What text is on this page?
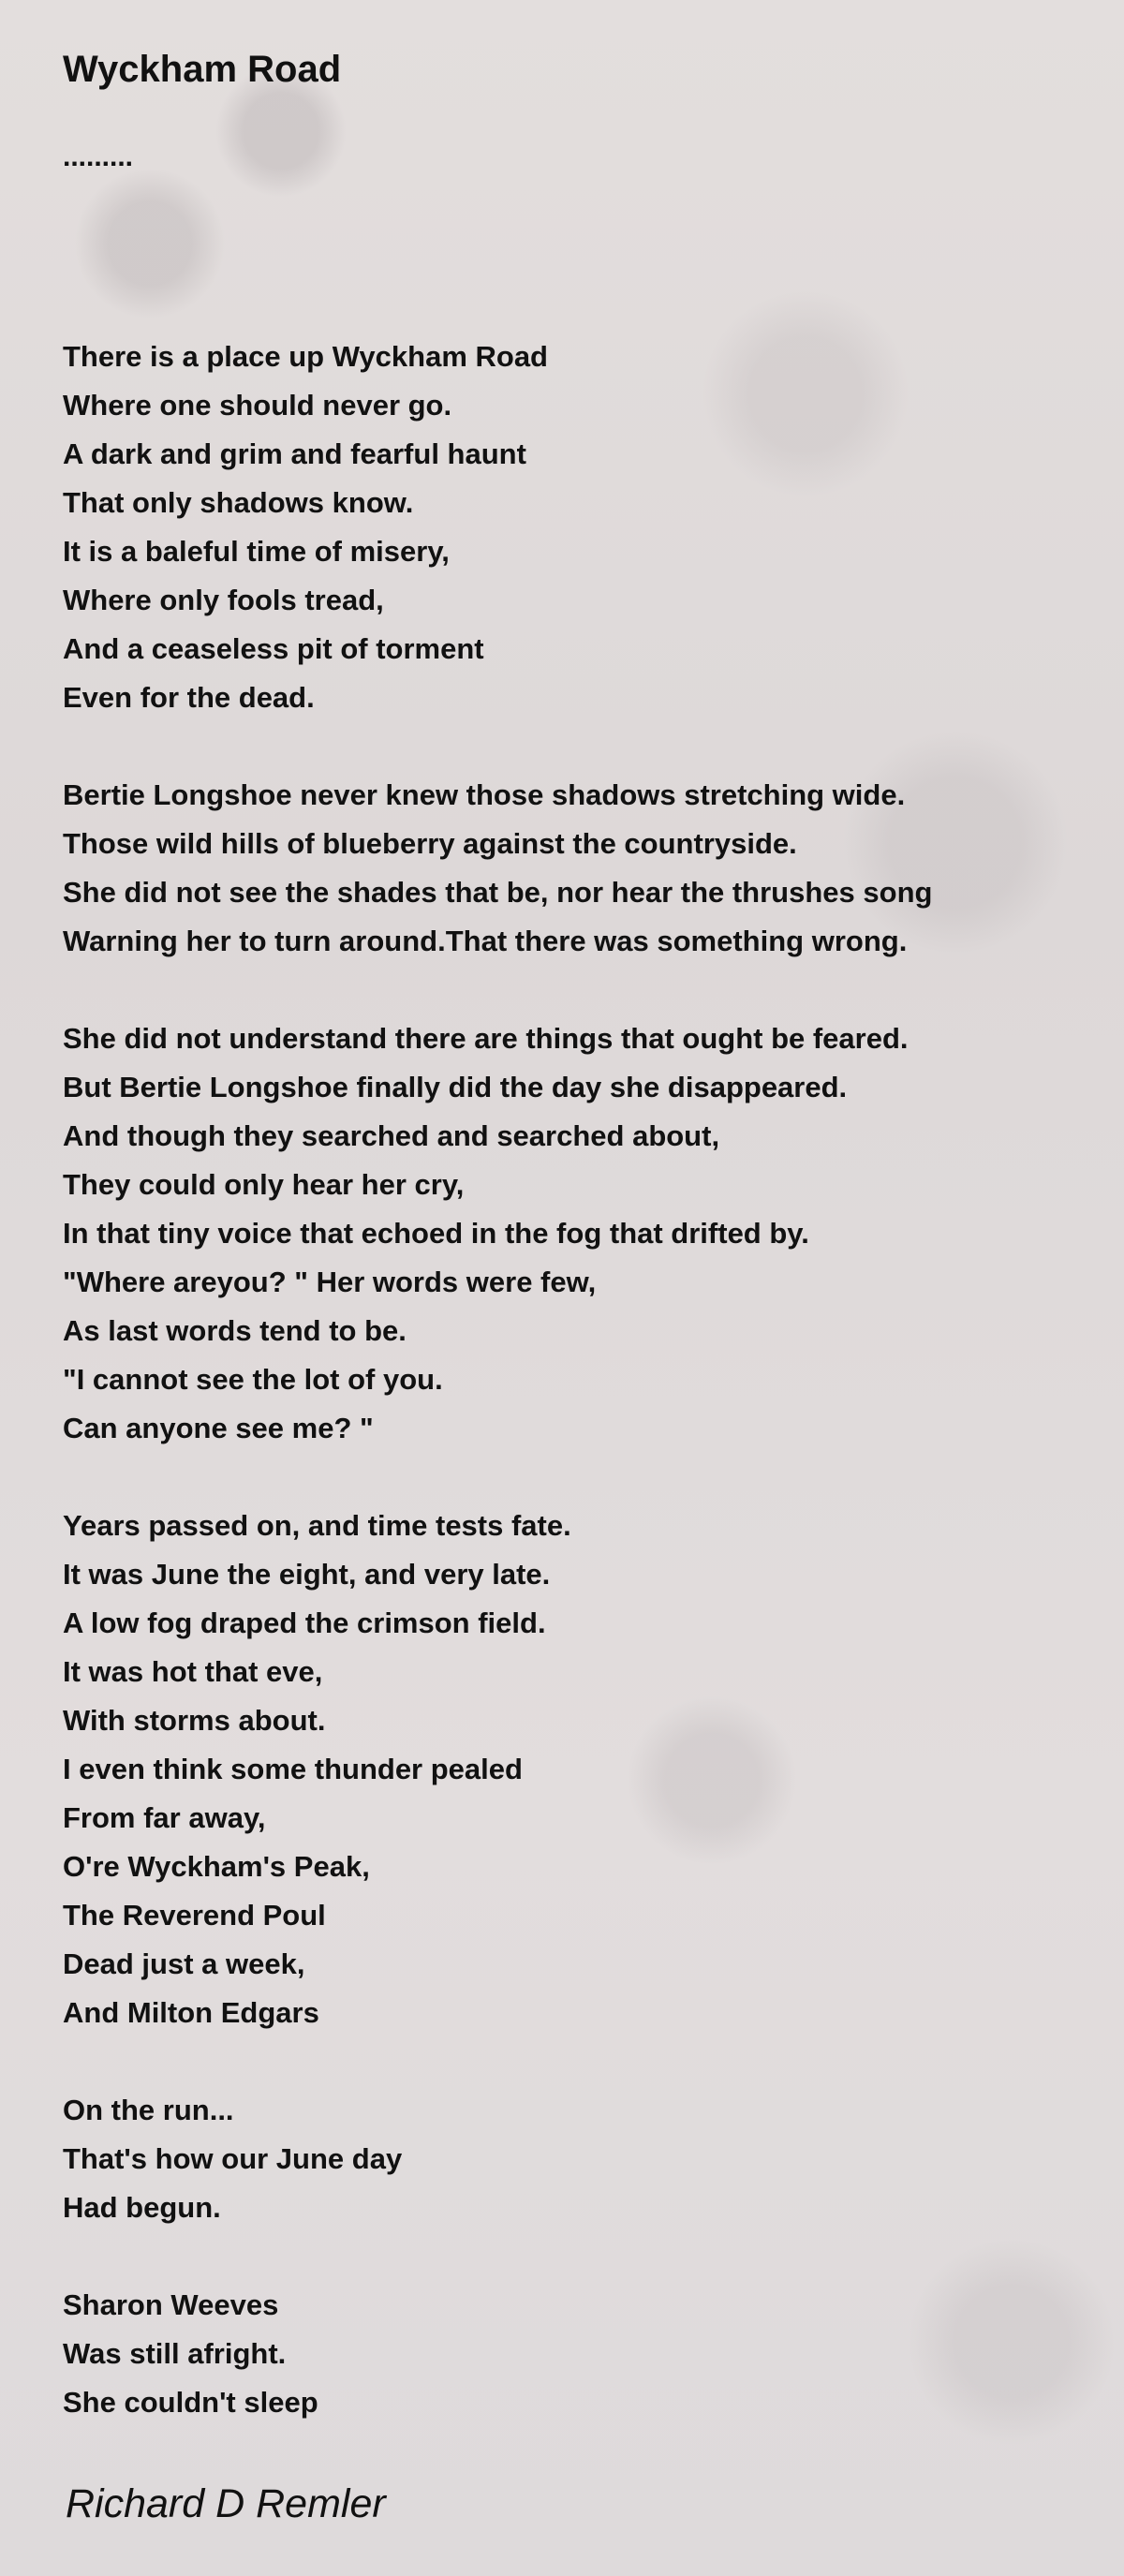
Wyckham Road
.........
There is a place up Wyckham Road
Where one should never go.
A dark and grim and fearful haunt
That only shadows know.
It is a baleful time of misery,
Where only fools tread,
And a ceaseless pit of torment
Even for the dead.
Bertie Longshoe never knew those shadows stretching wide.
Those wild hills of blueberry against the countryside.
She did not see the shades that be, nor hear the thrushes song
Warning her to turn around.That there was something wrong.
She did not understand there are things that ought be feared.
But Bertie Longshoe finally did the day she disappeared.
And though they searched and searched about,
They could only hear her cry,
In that tiny voice that echoed in the fog that drifted by.
"Where areyou? " Her words were few,
As last words tend to be.
"I cannot see the lot of you.
Can anyone see me? "
Years passed on, and time tests fate.
It was June the eight, and very late.
A low fog draped the crimson field.
It was hot that eve,
With storms about.
I even think some thunder pealed
From far away,
O're Wyckham's Peak,
The Reverend Poul
Dead just a week,
And Milton Edgars
On the run...
That's how our June day
Had begun.
Sharon Weeves
Was still afright.
She couldn't sleep
Richard D Remler
